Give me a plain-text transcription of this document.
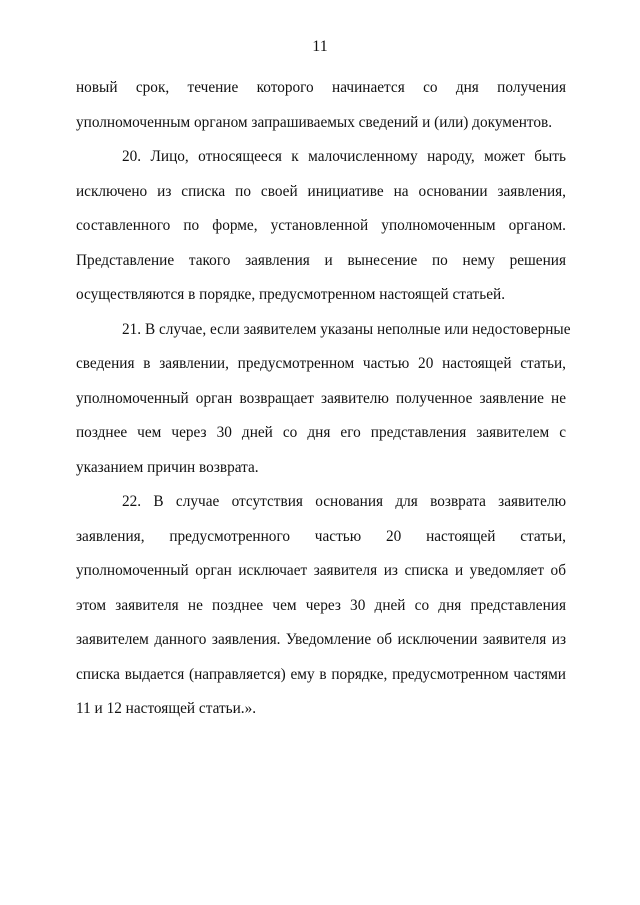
11
новый срок, течение которого начинается со дня получения
уполномоченным органом запрашиваемых сведений и (или) документов.
20. Лицо, относящееся к малочисленному народу, может быть
исключено из списка по своей инициативе на основании заявления,
составленного по форме, установленной уполномоченным органом.
Представление такого заявления и вынесение по нему решения
осуществляются в порядке, предусмотренном настоящей статьей.
21. В случае, если заявителем указаны неполные или недостоверные
сведения в заявлении, предусмотренном частью 20 настоящей статьи,
уполномоченный орган возвращает заявителю полученное заявление не
позднее чем через 30 дней со дня его представления заявителем с
указанием причин возврата.
22. В случае отсутствия основания для возврата заявителю
заявления, предусмотренного частью 20 настоящей статьи,
уполномоченный орган исключает заявителя из списка и уведомляет об
этом заявителя не позднее чем через 30 дней со дня представления
заявителем данного заявления. Уведомление об исключении заявителя из
списка выдается (направляется) ему в порядке, предусмотренном частями
11 и 12 настоящей статьи.».
